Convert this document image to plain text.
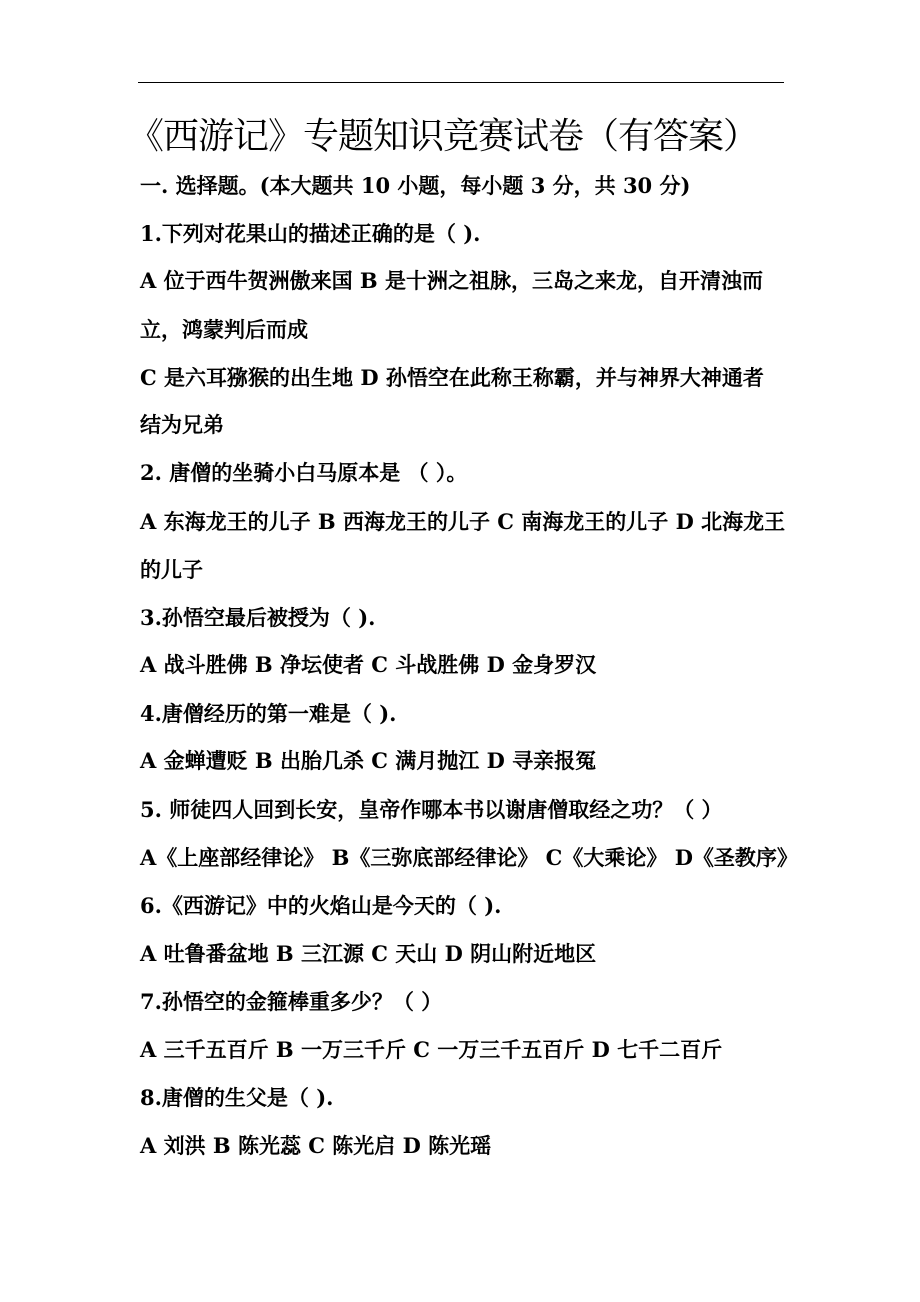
《西游记》专题知识竞赛试卷（有答案）
一. 选择题。(本大题共 10 小题，每小题 3 分，共 30 分)
1.下列对花果山的描述正确的是（ ).
A 位于西牛贺洲傲来国 B 是十洲之祖脉，三岛之来龙，自开清浊而
立，鸿蒙判后而成
C 是六耳猕猴的出生地 D 孙悟空在此称王称霸，并与神界大神通者
结为兄弟
2. 唐僧的坐骑小白马原本是 （ ）。
A 东海龙王的儿子 B 西海龙王的儿子 C 南海龙王的儿子 D 北海龙王
的儿子
3.孙悟空最后被授为（ ).
A 战斗胜佛 B 净坛使者 C 斗战胜佛 D 金身罗汉
4.唐僧经历的第一难是（ ).
A 金蝉遭贬 B 出胎几杀 C 满月抛江 D 寻亲报冤
5. 师徒四人回到长安，皇帝作哪本书以谢唐僧取经之功？（ ）
A《上座部经律论》 B《三弥底部经律论》 C《大乘论》 D《圣教序》
6.《西游记》中的火焰山是今天的（ ).
A 吐鲁番盆地 B 三江源 C 天山 D 阴山附近地区
7.孙悟空的金箍棒重多少？（ ）
A 三千五百斤 B 一万三千斤 C 一万三千五百斤 D 七千二百斤
8.唐僧的生父是（ ).
A 刘洪 B 陈光蕊 C 陈光启 D 陈光瑶
